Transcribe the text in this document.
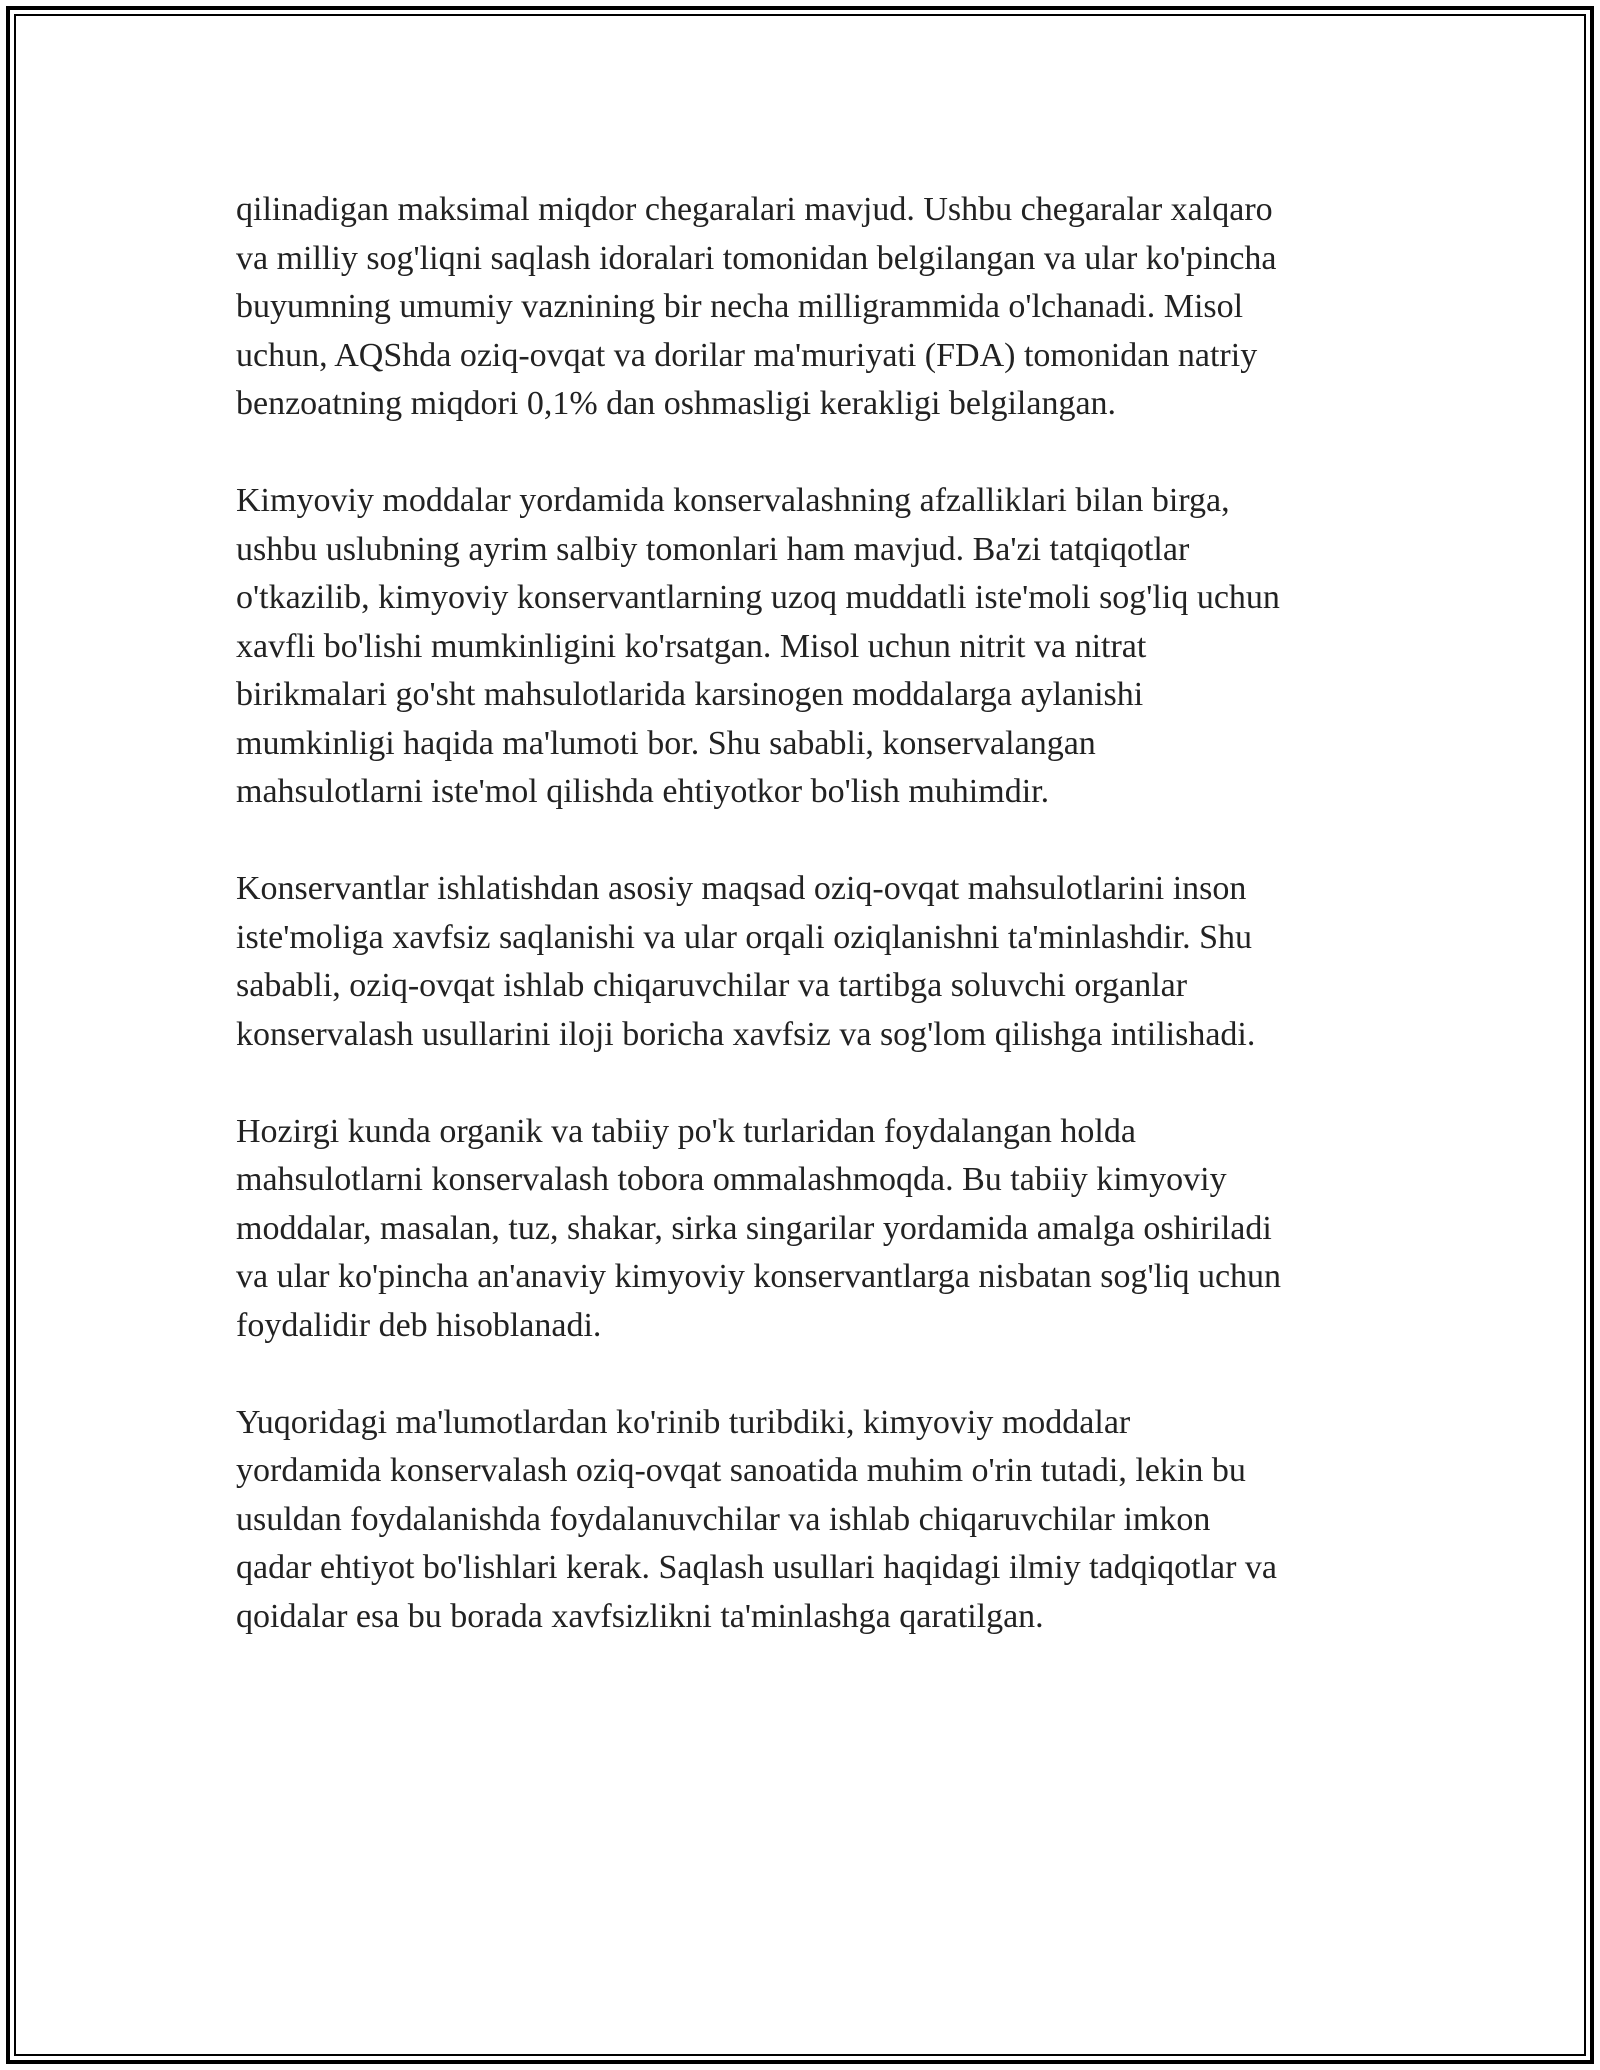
qilinadigan maksimal miqdor chegaralari mavjud. Ushbu chegaralar xalqaro
va milliy sog'liqni saqlash idoralari tomonidan belgilangan va ular ko'pincha
buyumning umumiy vaznining bir necha milligrammida o'lchanadi. Misol
uchun, AQShda oziq-ovqat va dorilar ma'muriyati (FDA) tomonidan natriy
benzoatning miqdori 0,1% dan oshmasligi kerakligi belgilangan.

Kimyoviy moddalar yordamida konservalashning afzalliklari bilan birga,
ushbu uslubning ayrim salbiy tomonlari ham mavjud. Ba'zi tatqiqotlar
o'tkazilib, kimyoviy konservantlarning uzoq muddatli iste'moli sog'liq uchun
xavfli bo'lishi mumkinligini ko'rsatgan. Misol uchun nitrit va nitrat
birikmalari go'sht mahsulotlarida karsinogen moddalarga aylanishi
mumkinligi haqida ma'lumoti bor. Shu sababli, konservalangan
mahsulotlarni iste'mol qilishda ehtiyotkor bo'lish muhimdir.

Konservantlar ishlatishdan asosiy maqsad oziq-ovqat mahsulotlarini inson
iste'moliga xavfsiz saqlanishi va ular orqali oziqlanishni ta'minlashdir. Shu
sababli, oziq-ovqat ishlab chiqaruvchilar va tartibga soluvchi organlar
konservalash usullarini iloji boricha xavfsiz va sog'lom qilishga intilishadi.

Hozirgi kunda organik va tabiiy po'k turlaridan foydalangan holda
mahsulotlarni konservalash tobora ommalashmoqda. Bu tabiiy kimyoviy
moddalar, masalan, tuz, shakar, sirka singarilar yordamida amalga oshiriladi
va ular ko'pincha an'anaviy kimyoviy konservantlarga nisbatan sog'liq uchun
foydalidir deb hisoblanadi.

Yuqoridagi ma'lumotlardan ko'rinib turibdiki, kimyoviy moddalar
yordamida konservalash oziq-ovqat sanoatida muhim o'rin tutadi, lekin bu
usuldan foydalanishda foydalanuvchilar va ishlab chiqaruvchilar imkon
qadar ehtiyot bo'lishlari kerak. Saqlash usullari haqidagi ilmiy tadqiqotlar va
qoidalar esa bu borada xavfsizlikni ta'minlashga qaratilgan.
